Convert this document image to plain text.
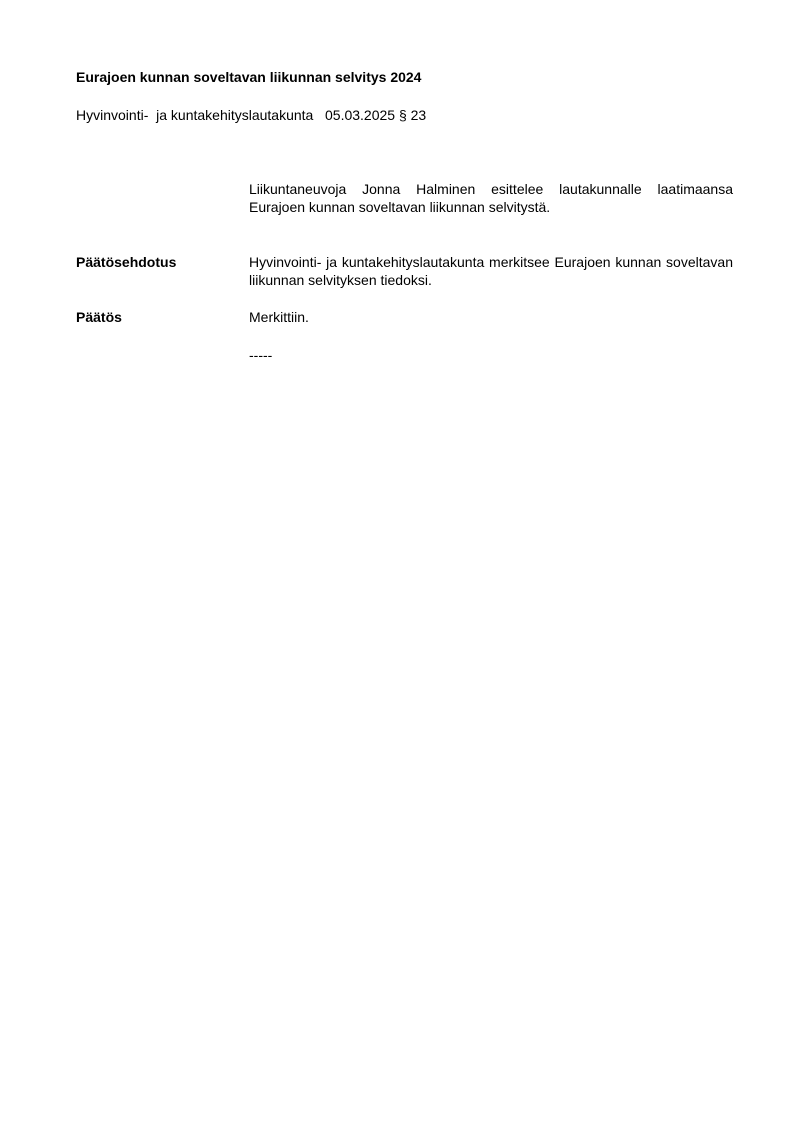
Eurajoen kunnan soveltavan liikunnan selvitys 2024
Hyvinvointi-  ja kuntakehityslautakunta   05.03.2025 § 23
Liikuntaneuvoja Jonna Halminen esittelee lautakunnalle laatimaansa Eurajoen kunnan soveltavan liikunnan selvitystä.
Päätösehdotus	Hyvinvointi- ja kuntakehityslautakunta merkitsee Eurajoen kunnan soveltavan liikunnan selvityksen tiedoksi.
Päätös	Merkittiin.
-----
